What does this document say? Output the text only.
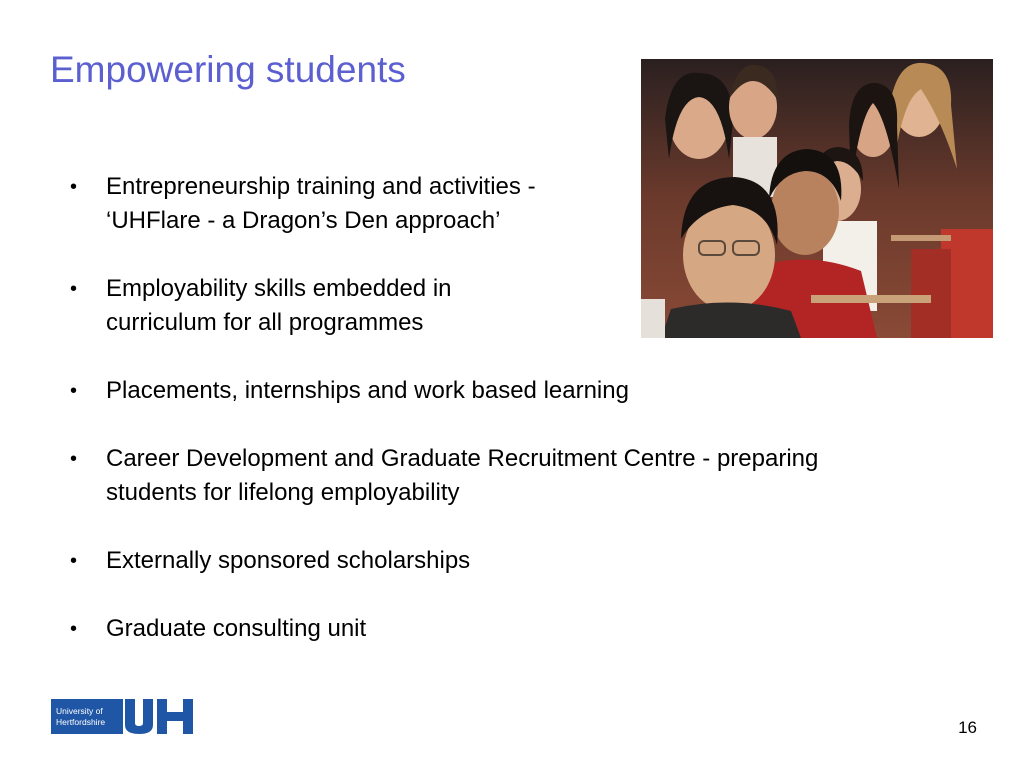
Empowering students
•	Entrepreneurship training and activities -
‘UHFlare - a Dragon’s Den approach’
•	Employability skills embedded in
curriculum for all programmes
•	Placements, internships and work based learning
•	Career Development and Graduate Recruitment Centre - preparing
students for lifelong employability
•	Externally sponsored scholarships
•	Graduate consulting unit
University of
Hertfordshire	16
